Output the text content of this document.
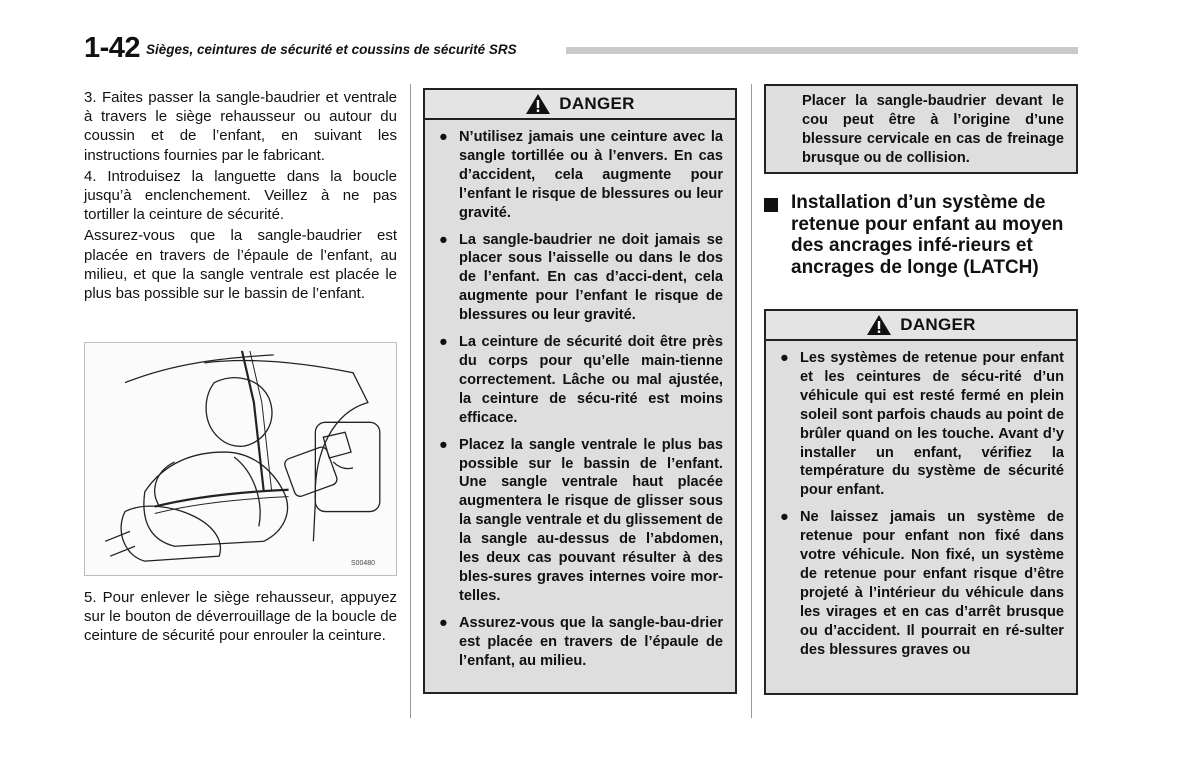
1-42 Sièges, ceintures de sécurité et coussins de sécurité SRS

3. Faites passer la sangle-baudrier et ventrale à travers le siège rehausseur ou autour du coussin et de l’enfant, en suivant les instructions fournies par le fabricant.

4. Introduisez la languette dans la boucle jusqu’à enclenchement. Veillez à ne pas tortiller la ceinture de sécurité.

Assurez-vous que la sangle-baudrier est placée en travers de l’épaule de l’enfant, au milieu, et que la sangle ventrale est placée le plus bas possible sur le bassin de l’enfant.

S00480

5. Pour enlever le siège rehausseur, appuyez sur le bouton de déverrouillage de la boucle de ceinture de sécurité pour enrouler la ceinture.

DANGER
● N’utilisez jamais une ceinture avec la sangle tortillée ou à l’envers. En cas d’accident, cela augmente pour l’enfant le risque de blessures ou leur gravité.
● La sangle-baudrier ne doit jamais se placer sous l’aisselle ou dans le dos de l’enfant. En cas d’acci-dent, cela augmente pour l’enfant le risque de blessures ou leur gravité.
● La ceinture de sécurité doit être près du corps pour qu’elle main-tienne correctement. Lâche ou mal ajustée, la ceinture de sécu-rité est moins efficace.
● Placez la sangle ventrale le plus bas possible sur le bassin de l’enfant. Une sangle ventrale haut placée augmentera le risque de glisser sous la sangle ventrale et du glissement de la sangle au-dessus de l’abdomen, les deux cas pouvant résulter à des bles-sures graves internes voire mor-telles.
● Assurez-vous que la sangle-bau-drier est placée en travers de l’épaule de l’enfant, au milieu.
Placer la sangle-baudrier devant le cou peut être à l’origine d’une blessure cervicale en cas de freinage brusque ou de collision.
Installation d’un système de retenue pour enfant au moyen des ancrages infé-rieurs et ancrages de longe (LATCH)
DANGER
● Les systèmes de retenue pour enfant et les ceintures de sécu-rité d’un véhicule qui est resté fermé en plein soleil sont parfois chauds au point de brûler quand on les touche. Avant d’y installer un enfant, vérifiez la température du système de sécurité pour enfant.
● Ne laissez jamais un système de retenue pour enfant non fixé dans votre véhicule. Non fixé, un système de retenue pour enfant risque d’être projeté à l’intérieur du véhicule dans les virages et en cas d’arrêt brusque ou d’accident. Il pourrait en ré-sulter des blessures graves ou
